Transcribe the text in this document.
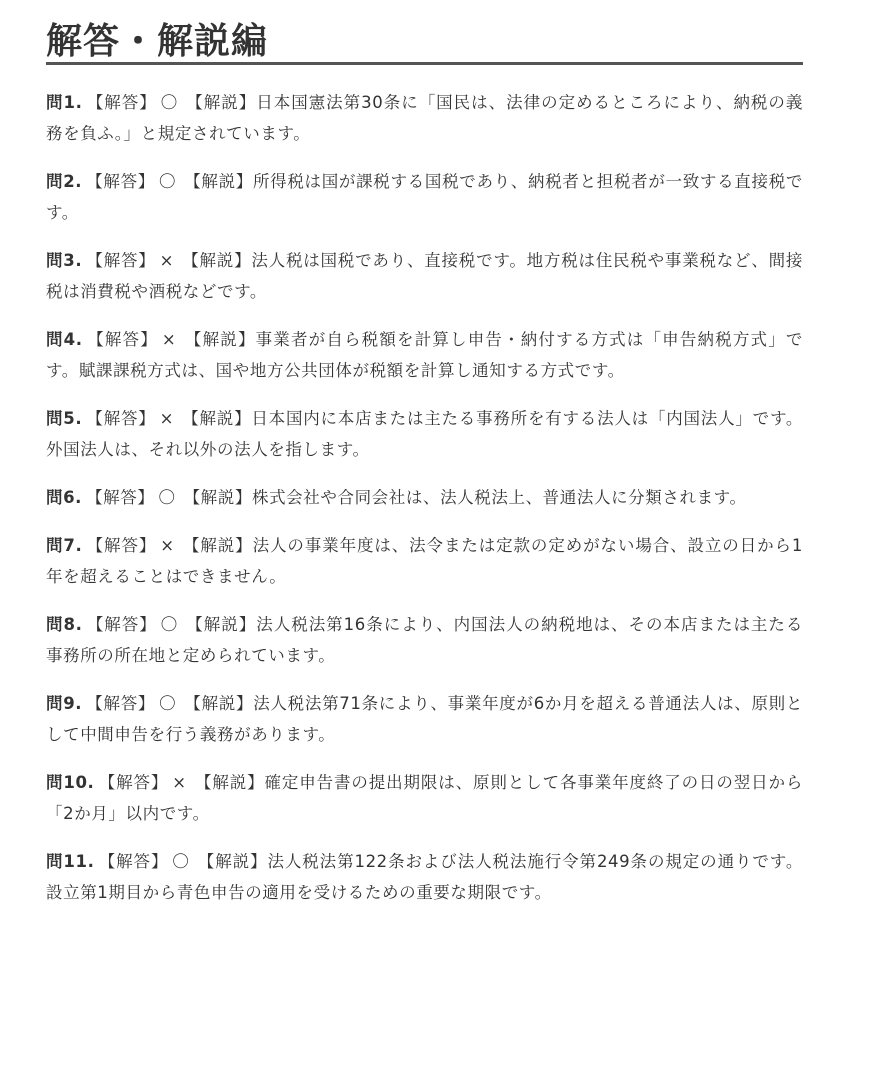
解答・解説編
問1. 【解答】 〇 【解説】日本国憲法第30条に「国民は、法律の定めるところにより、納税の義務を負ふ。」と規定されています。
問2. 【解答】 〇 【解説】所得税は国が課税する国税であり、納税者と担税者が一致する直接税です。
問3. 【解答】 × 【解説】法人税は国税であり、直接税です。地方税は住民税や事業税など、間接税は消費税や酒税などです。
問4. 【解答】 × 【解説】事業者が自ら税額を計算し申告・納付する方式は「申告納税方式」です。賦課課税方式は、国や地方公共団体が税額を計算し通知する方式です。
問5. 【解答】 × 【解説】日本国内に本店または主たる事務所を有する法人は「内国法人」です。外国法人は、それ以外の法人を指します。
問6. 【解答】 〇 【解説】株式会社や合同会社は、法人税法上、普通法人に分類されます。
問7. 【解答】 × 【解説】法人の事業年度は、法令または定款の定めがない場合、設立の日から1年を超えることはできません。
問8. 【解答】 〇 【解説】法人税法第16条により、内国法人の納税地は、その本店または主たる事務所の所在地と定められています。
問9. 【解答】 〇 【解説】法人税法第71条により、事業年度が6か月を超える普通法人は、原則として中間申告を行う義務があります。
問10. 【解答】 × 【解説】確定申告書の提出期限は、原則として各事業年度終了の日の翌日から「2か月」以内です。
問11. 【解答】 〇 【解説】法人税法第122条および法人税法施行令第249条の規定の通りです。設立第1期目から青色申告の適用を受けるための重要な期限です。
